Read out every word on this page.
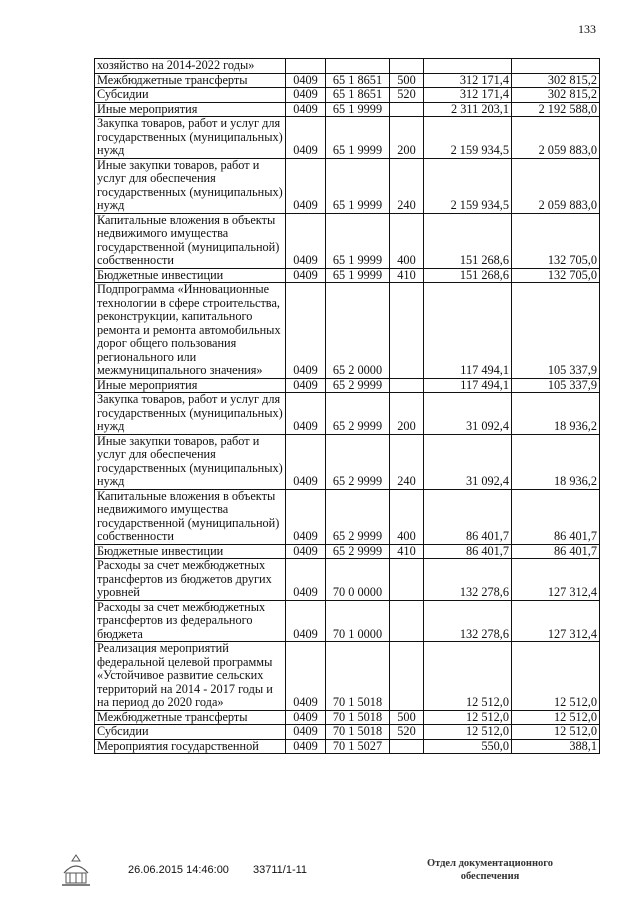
133
хозяйство на 2014-2022 годы»					
Межбюджетные трансферты	0409	65 1 8651	500	312 171,4	302 815,2
Субсидии	0409	65 1 8651	520	312 171,4	302 815,2
Иные мероприятия	0409	65 1 9999		2 311 203,1	2 192 588,0
Закупка товаров, работ и услуг для государственных (муниципальных) нужд	0409	65 1 9999	200	2 159 934,5	2 059 883,0
Иные закупки товаров, работ и услуг для обеспечения государственных (муниципальных) нужд	0409	65 1 9999	240	2 159 934,5	2 059 883,0
Капитальные вложения в объекты недвижимого имущества государственной (муниципальной) собственности	0409	65 1 9999	400	151 268,6	132 705,0
Бюджетные инвестиции	0409	65 1 9999	410	151 268,6	132 705,0
Подпрограмма «Инновационные технологии в сфере строительства, реконструкции, капитального ремонта и ремонта автомобильных дорог общего пользования регионального или межмуниципального значения»	0409	65 2 0000		117 494,1	105 337,9
Иные мероприятия	0409	65 2 9999		117 494,1	105 337,9
Закупка товаров, работ и услуг для государственных (муниципальных) нужд	0409	65 2 9999	200	31 092,4	18 936,2
Иные закупки товаров, работ и услуг для обеспечения государственных (муниципальных) нужд	0409	65 2 9999	240	31 092,4	18 936,2
Капитальные вложения в объекты недвижимого имущества государственной (муниципальной) собственности	0409	65 2 9999	400	86 401,7	86 401,7
Бюджетные инвестиции	0409	65 2 9999	410	86 401,7	86 401,7
Расходы за счет межбюджетных трансфертов из бюджетов других уровней	0409	70 0 0000		132 278,6	127 312,4
Расходы за счет межбюджетных трансфертов из федерального бюджета	0409	70 1 0000		132 278,6	127 312,4
Реализация мероприятий федеральной целевой программы «Устойчивое развитие сельских территорий на 2014 - 2017 годы и на период до 2020 года»	0409	70 1 5018		12 512,0	12 512,0
Межбюджетные трансферты	0409	70 1 5018	500	12 512,0	12 512,0
Субсидии	0409	70 1 5018	520	12 512,0	12 512,0
Мероприятия государственной	0409	70 1 5027		550,0	388,1
26.06.2015 14:46:00 33711/1-11
Отдел документационного
обеспечения
